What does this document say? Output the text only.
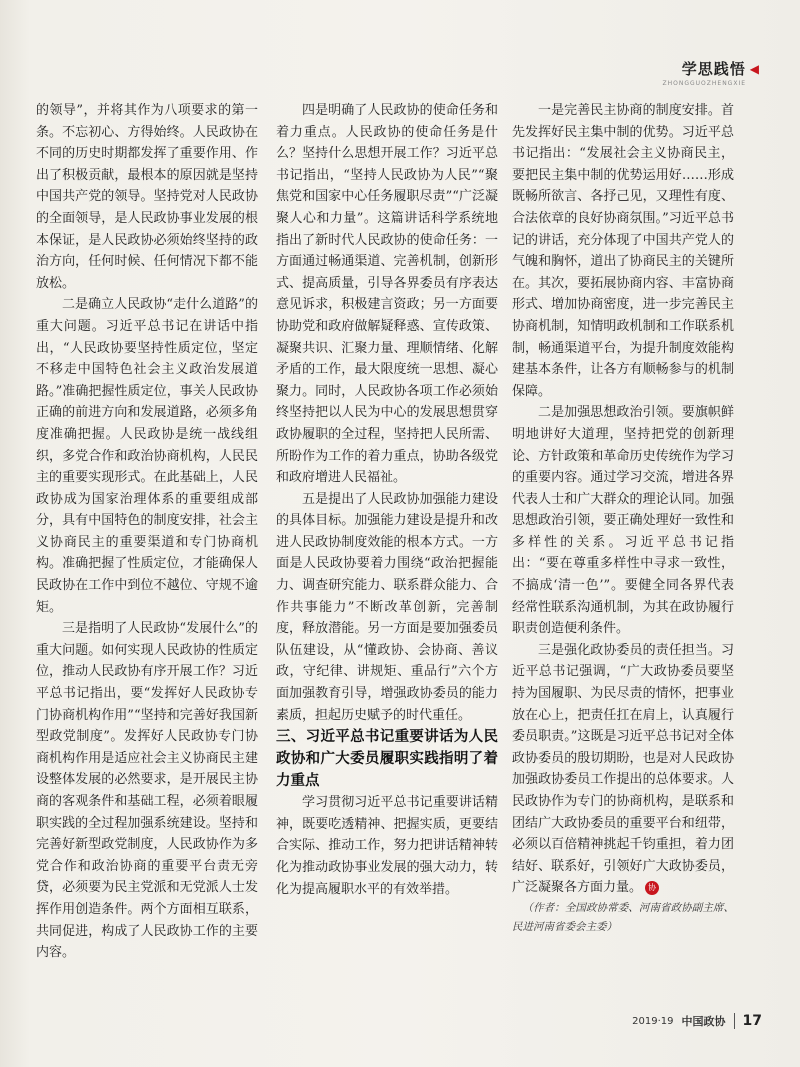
学思践悟 ◀
ZHONGGUOZHENGXIE

的领导”，并将其作为八项要求的第一条。不忘初心、方得始终。人民政协在不同的历史时期都发挥了重要作用、作出了积极贡献，最根本的原因就是坚持中国共产党的领导。坚持党对人民政协的全面领导，是人民政协事业发展的根本保证，是人民政协必须始终坚持的政治方向，任何时候、任何情况下都不能放松。

二是确立人民政协“走什么道路”的重大问题。习近平总书记在讲话中指出，“人民政协要坚持性质定位，坚定不移走中国特色社会主义政治发展道路。”准确把握性质定位，事关人民政协正确的前进方向和发展道路，必须多角度准确把握。人民政协是统一战线组织，多党合作和政治协商机构，人民民主的重要实现形式。在此基础上，人民政协成为国家治理体系的重要组成部分，具有中国特色的制度安排，社会主义协商民主的重要渠道和专门协商机构。准确把握了性质定位，才能确保人民政协在工作中到位不越位、守规不逾矩。

三是指明了人民政协“发展什么”的重大问题。如何实现人民政协的性质定位，推动人民政协有序开展工作？习近平总书记指出，要“发挥好人民政协专门协商机构作用”“坚持和完善好我国新型政党制度”。发挥好人民政协专门协商机构作用是适应社会主义协商民主建设整体发展的必然要求，是开展民主协商的客观条件和基础工程，必须着眼履职实践的全过程加强系统建设。坚持和完善好新型政党制度，人民政协作为多党合作和政治协商的重要平台责无旁贷，必须要为民主党派和无党派人士发挥作用创造条件。两个方面相互联系，共同促进，构成了人民政协工作的主要内容。

四是明确了人民政协的使命任务和着力重点。人民政协的使命任务是什么？坚持什么思想开展工作？习近平总书记指出，“坚持人民政协为人民”“聚焦党和国家中心任务履职尽责”“广泛凝聚人心和力量”。这篇讲话科学系统地指出了新时代人民政协的使命任务：一方面通过畅通渠道、完善机制，创新形式、提高质量，引导各界委员有序表达意见诉求，积极建言资政；另一方面要协助党和政府做解疑释惑、宣传政策、凝聚共识、汇聚力量、理顺情绪、化解矛盾的工作，最大限度统一思想、凝心聚力。同时，人民政协各项工作必须始终坚持把以人民为中心的发展思想贯穿政协履职的全过程，坚持把人民所需、所盼作为工作的着力重点，协助各级党和政府增进人民福祉。

五是提出了人民政协加强能力建设的具体目标。加强能力建设是提升和改进人民政协制度效能的根本方式。一方面是人民政协要着力围绕“政治把握能力、调查研究能力、联系群众能力、合作共事能力”不断改革创新，完善制度，释放潜能。另一方面是要加强委员队伍建设，从“懂政协、会协商、善议政，守纪律、讲规矩、重品行”六个方面加强教育引导，增强政协委员的能力素质，担起历史赋予的时代重任。

三、习近平总书记重要讲话为人民政协和广大委员履职实践指明了着力重点

学习贯彻习近平总书记重要讲话精神，既要吃透精神、把握实质，更要结合实际、推动工作，努力把讲话精神转化为推动政协事业发展的强大动力，转化为提高履职水平的有效举措。

一是完善民主协商的制度安排。首先发挥好民主集中制的优势。习近平总书记指出：“发展社会主义协商民主，要把民主集中制的优势运用好……形成既畅所欲言、各抒己见，又理性有度、合法依章的良好协商氛围。”习近平总书记的讲话，充分体现了中国共产党人的气魄和胸怀，道出了协商民主的关键所在。其次，要拓展协商内容、丰富协商形式、增加协商密度，进一步完善民主协商机制，知情明政机制和工作联系机制，畅通渠道平台，为提升制度效能构建基本条件，让各方有顺畅参与的机制保障。

二是加强思想政治引领。要旗帜鲜明地讲好大道理，坚持把党的创新理论、方针政策和革命历史传统作为学习的重要内容。通过学习交流，增进各界代表人士和广大群众的理论认同。加强思想政治引领，要正确处理好一致性和多样性的关系。习近平总书记指出：“要在尊重多样性中寻求一致性，不搞成‘清一色’”。要健全同各界代表经常性联系沟通机制，为其在政协履行职责创造便利条件。

三是强化政协委员的责任担当。习近平总书记强调，“广大政协委员要坚持为国履职、为民尽责的情怀，把事业放在心上，把责任扛在肩上，认真履行委员职责。”这既是习近平总书记对全体政协委员的殷切期盼，也是对人民政协加强政协委员工作提出的总体要求。人民政协作为专门的协商机构，是联系和团结广大政协委员的重要平台和纽带，必须以百倍精神挑起千钧重担，着力团结好、联系好，引领好广大政协委员，广泛凝聚各方面力量。 协

（作者：全国政协常委、河南省政协副主席、民进河南省委会主委）

2019·19 中国政协 17
